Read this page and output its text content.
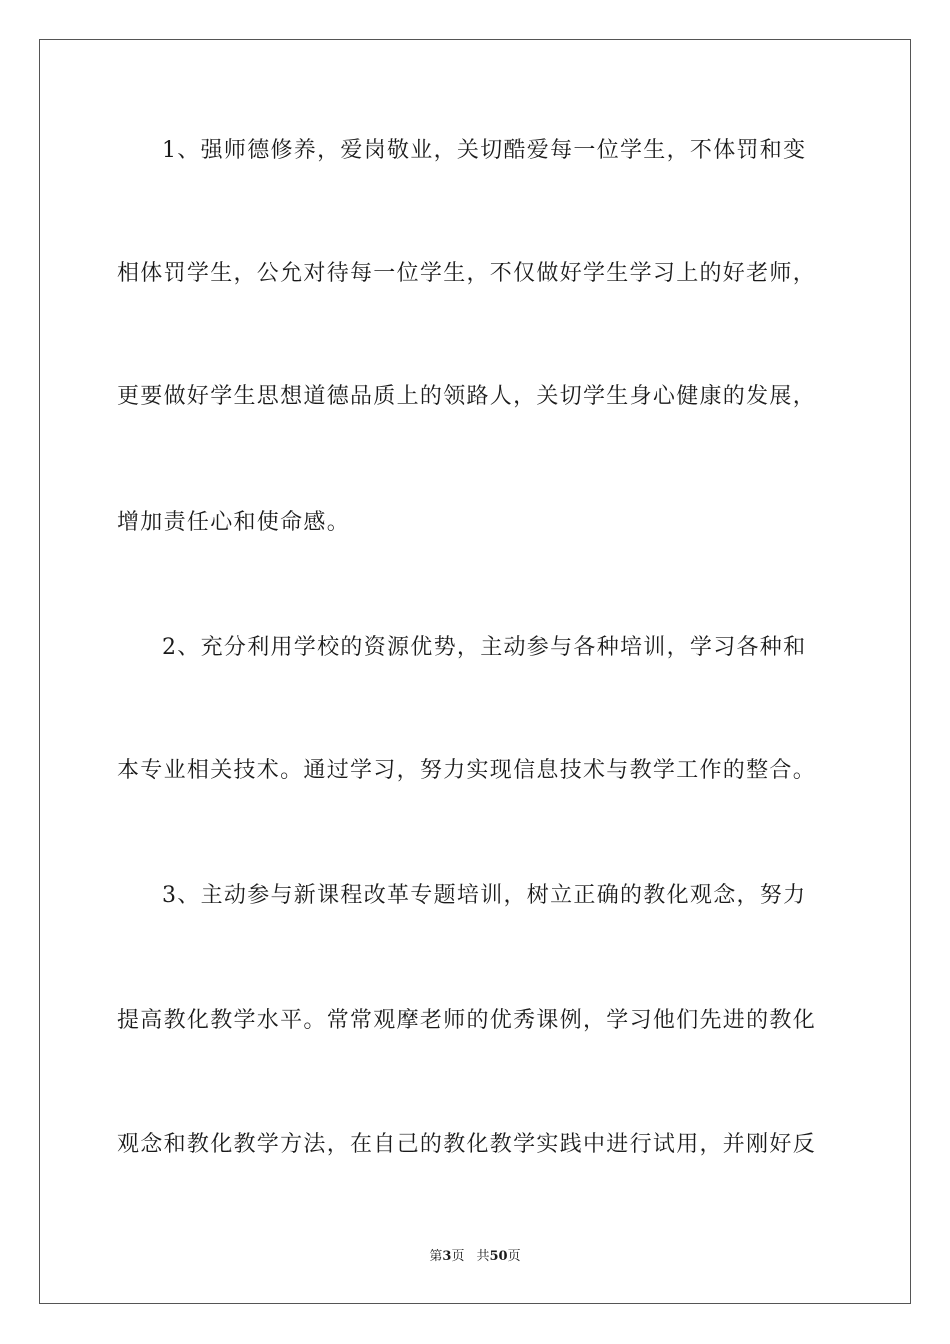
1、强师德修养，爱岗敬业，关切酷爱每一位学生，不体罚和变
相体罚学生，公允对待每一位学生，不仅做好学生学习上的好老师，
更要做好学生思想道德品质上的领路人，关切学生身心健康的发展，
增加责任心和使命感。
2、充分利用学校的资源优势，主动参与各种培训，学习各种和
本专业相关技术。通过学习，努力实现信息技术与教学工作的整合。
3、主动参与新课程改革专题培训，树立正确的教化观念，努力
提高教化教学水平。常常观摩老师的优秀课例，学习他们先进的教化
观念和教化教学方法，在自己的教化教学实践中进行试用，并刚好反
第3页 共50页
